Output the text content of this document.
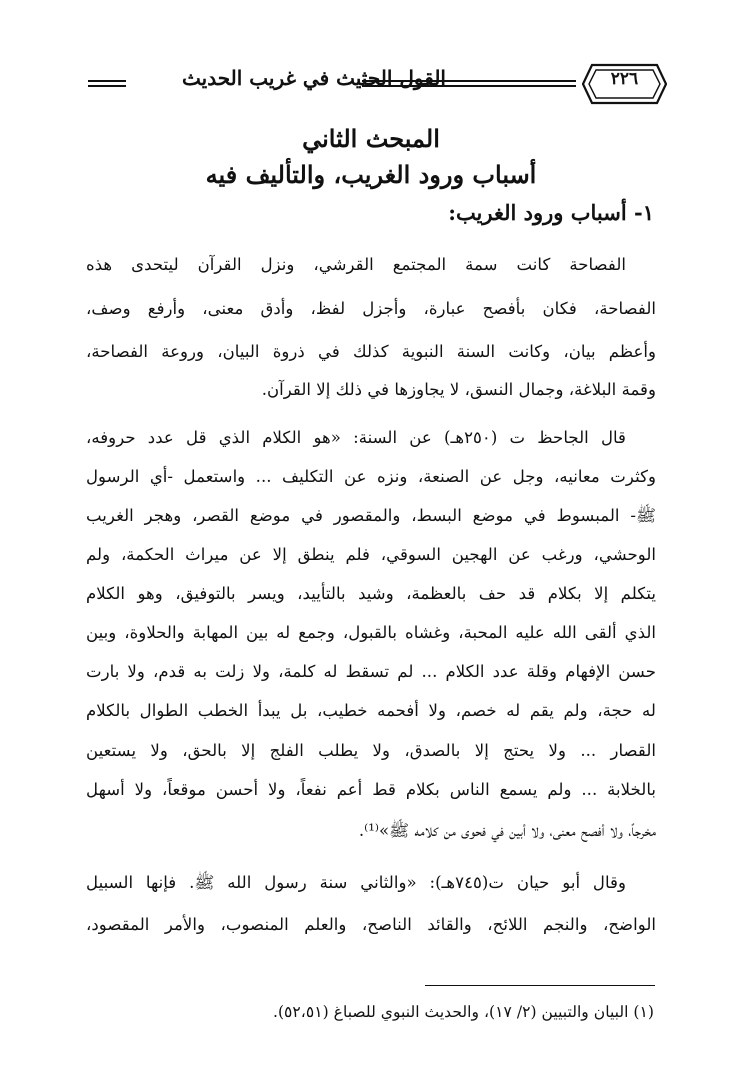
القول الحثيث في غريب الحديث	٢٢٦
المبحث الثاني
أسباب ورود الغريب، والتأليف فيه
١- أسباب ورود الغريب:
الفصاحة كانت سمة المجتمع القرشي، ونزل القرآن ليتحدى هذه
الفصاحة، فكان بأفصح عبارة، وأجزل لفظ، وأدق معنى، وأرفع وصف،
وأعظم بيان، وكانت السنة النبوية كذلك في ذروة البيان، وروعة الفصاحة،
وقمة البلاغة، وجمال النسق، لا يجاوزها في ذلك إلا القرآن.
قال الجاحظ ت (٢٥٠هـ) عن السنة: «هو الكلام الذي قل عدد حروفه،
وكثرت معانيه، وجل عن الصنعة، ونزه عن التكليف ... واستعمل -أي الرسول
ﷺ- المبسوط في موضع البسط، والمقصور في موضع القصر، وهجر الغريب
الوحشي، ورغب عن الهجين السوقي، فلم ينطق إلا عن ميراث الحكمة، ولم
يتكلم إلا بكلام قد حف بالعظمة، وشيد بالتأييد، ويسر بالتوفيق، وهو الكلام
الذي ألقى الله عليه المحبة، وغشاه بالقبول، وجمع له بين المهابة والحلاوة، وبين
حسن الإفهام وقلة عدد الكلام ... لم تسقط له كلمة، ولا زلت به قدم، ولا بارت
له حجة، ولم يقم له خصم، ولا أفحمه خطيب، بل يبدأ الخطب الطوال بالكلام
القصار ... ولا يحتج إلا بالصدق، ولا يطلب الفلج إلا بالحق، ولا يستعين
بالخلابة ... ولم يسمع الناس بكلام قط أعم نفعاً، ولا أحسن موقعاً، ولا أسهل
مخرجاً، ولا أفصح معنى، ولا أبين في فحوى من كلامه ﷺ»⁽¹⁾.
وقال أبو حيان ت(٧٤٥هـ): «والثاني سنة رسول الله ﷺ. فإنها السبيل
الواضح، والنجم اللائح، والقائد الناصح، والعلم المنصوب، والأمر المقصود،
(١) البيان والتبيين (٢/ ١٧)، والحديث النبوي للصباغ (٥٢،٥١).
